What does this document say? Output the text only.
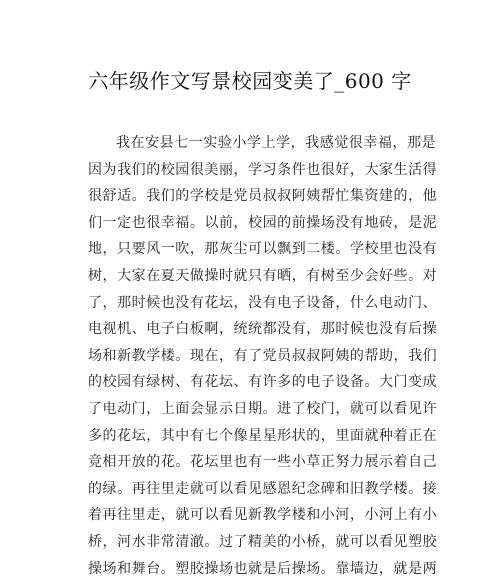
六年级作文写景校园变美了_600 字
我在安县七一实验小学上学，我感觉很幸福，那是
因为我们的校园很美丽，学习条件也很好，大家生活得
很舒适。我们的学校是党员叔叔阿姨帮忙集资建的，他
们一定也很幸福。以前，校园的前操场没有地砖，是泥
地，只要风一吹，那灰尘可以飘到二楼。学校里也没有
树，大家在夏天做操时就只有晒，有树至少会好些。对
了，那时候也没有花坛，没有电子设备，什么电动门、
电视机、电子白板啊，统统都没有，那时候也没有后操
场和新教学楼。现在，有了党员叔叔阿姨的帮助，我们
的校园有绿树、有花坛、有许多的电子设备。大门变成
了电动门，上面会显示日期。进了校门，就可以看见许
多的花坛，其中有七个像星星形状的，里面就种着正在
竞相开放的花。花坛里也有一些小草正努力展示着自己
的绿。再往里走就可以看见感恩纪念碑和旧教学楼。接
着再往里走，就可以看见新教学楼和小河，小河上有小
桥，河水非常清澈。过了精美的小桥，就可以看见塑胶
操场和舞台。塑胶操场也就是后操场。靠墙边，就是两
